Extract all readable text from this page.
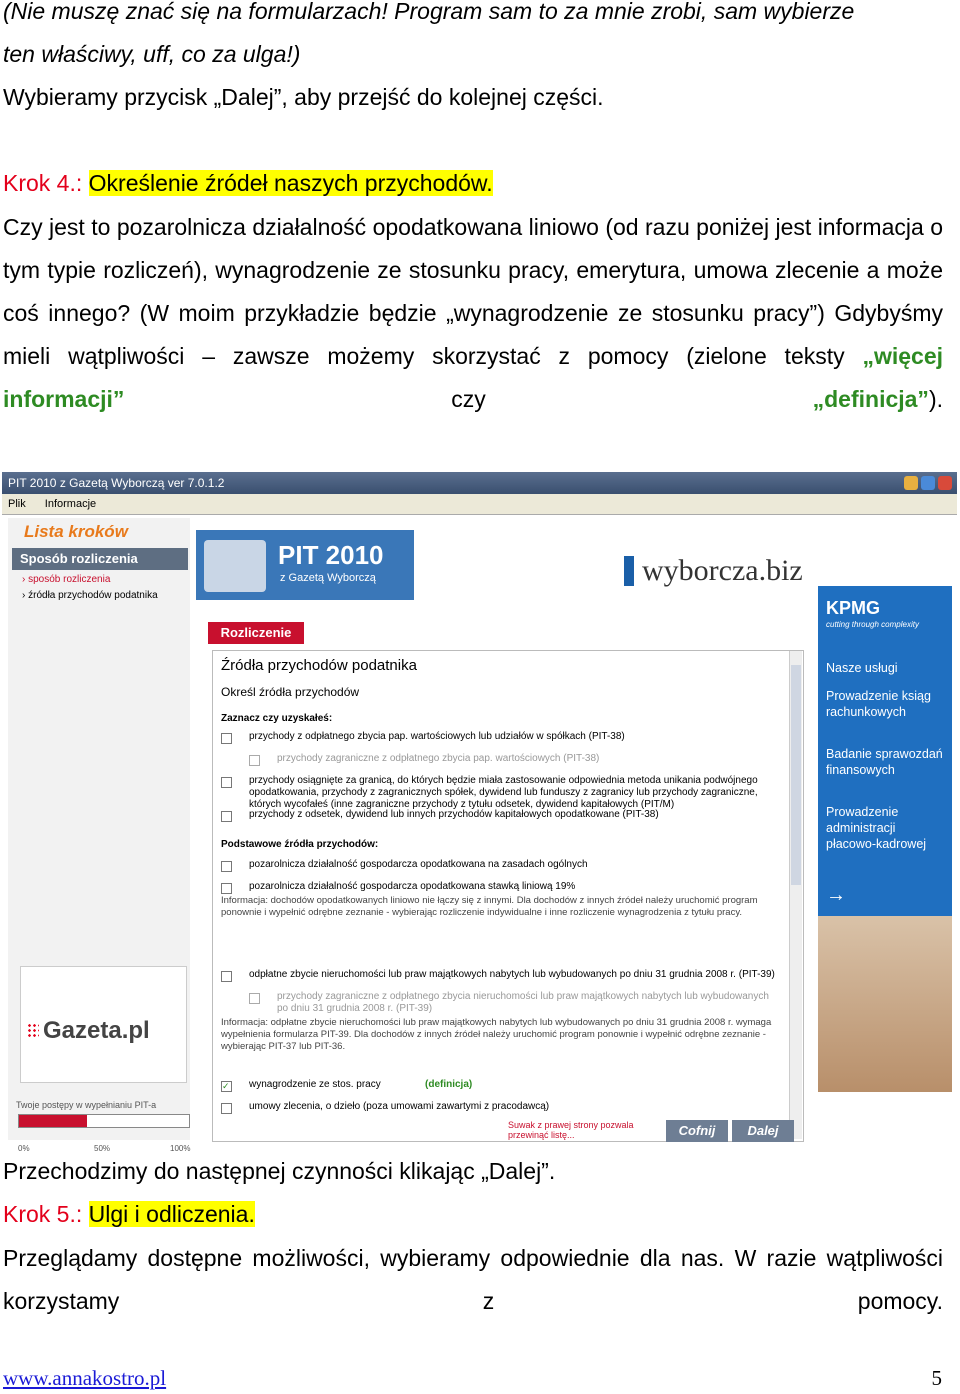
(Nie muszę znać się na formularzach! Program sam to za mnie zrobi, sam wybierze

ten właściwy, uff, co za ulga!)

Wybieramy przycisk „Dalej”, aby przejść do kolejnej części.

Krok 4.: Określenie źródeł naszych przychodów.

Czy jest to pozarolnicza działalność opodatkowana liniowo (od razu poniżej jest informacja o tym typie rozliczeń), wynagrodzenie ze stosunku pracy, emerytura, umowa zlecenie a może coś innego? (W moim przykładzie będzie „wynagrodzenie ze stosunku pracy”) Gdybyśmy mieli wątpliwości – zawsze możemy skorzystać z pomocy (zielone teksty „więcej informacji” czy „definicja”).

PIT 2010 z Gazetą Wyborczą ver 7.0.1.2
Plik Informacje
Lista kroków
Sposób rozliczenia
› sposób rozliczenia
› źródła przychodów podatnika
Gazeta.pl
Twoje postępy w wypełnianiu PIT-a
0%	50%	100%
PIT 2010
z Gazetą Wyborczą	wyborcza.biz
Rozliczenie
Źródła przychodów podatnika
Określ źródła przychodów
Zaznacz czy uzyskałeś:
przychody z odpłatnego zbycia pap. wartościowych lub udziałów w spółkach (PIT-38)
przychody zagraniczne z odpłatnego zbycia pap. wartościowych (PIT-38)
przychody osiągnięte za granicą, do których będzie miała zastosowanie odpowiednia metoda unikania podwójnego opodatkowania, przychody z zagranicznych spółek, dywidend lub funduszy z zagranicy lub przychody zagraniczne, których wycofałeś (inne zagraniczne przychody z tytułu odsetek, dywidend kapitałowych (PIT/M)
przychody z odsetek, dywidend lub innych przychodów kapitałowych opodatkowane (PIT-38)
Podstawowe źródła przychodów:
pozarolnicza działalność gospodarcza opodatkowana na zasadach ogólnych
pozarolnicza działalność gospodarcza opodatkowana stawką liniową 19%
Informacja: dochodów opodatkowanych liniowo nie łączy się z innymi. Dla dochodów z innych źródeł należy uruchomić program ponownie i wypełnić odrębne zeznanie - wybierając rozliczenie indywidualne i inne rozliczenie wynagrodzenia z tytułu pracy.
odpłatne zbycie nieruchomości lub praw majątkowych nabytych lub wybudowanych po dniu 31 grudnia 2008 r. (PIT-39)
przychody zagraniczne z odpłatnego zbycia nieruchomości lub praw majątkowych nabytych lub wybudowanych po dniu 31 grudnia 2008 r. (PIT-39)
Informacja: odpłatne zbycie nieruchomości lub praw majątkowych nabytych lub wybudowanych po dniu 31 grudnia 2008 r. wymaga wypełnienia formularza PIT-39. Dla dochodów z innych źródeł należy uruchomić program ponownie i wypełnić odrębne zeznanie - wybierając PIT-37 lub PIT-36.
✓ wynagrodzenie ze stos. pracy	(definicja)
umowy zlecenia, o dzieło (poza umowami zawartymi z pracodawcą)
Suwak z prawej strony pozwala przewinąć listę...	Cofnij	Dalej
KPMG
cutting through complexity
Nasze usługi
Prowadzenie ksiąg rachunkowych
Badanie sprawozdań finansowych
Prowadzenie administracji płacowo-kadrowej
→

Przechodzimy do następnej czynności klikając „Dalej”.

Krok 5.: Ulgi i odliczenia.

Przeglądamy dostępne możliwości, wybieramy odpowiednie dla nas. W razie wątpliwości korzystamy z pomocy.

www.annakostro.pl	5
